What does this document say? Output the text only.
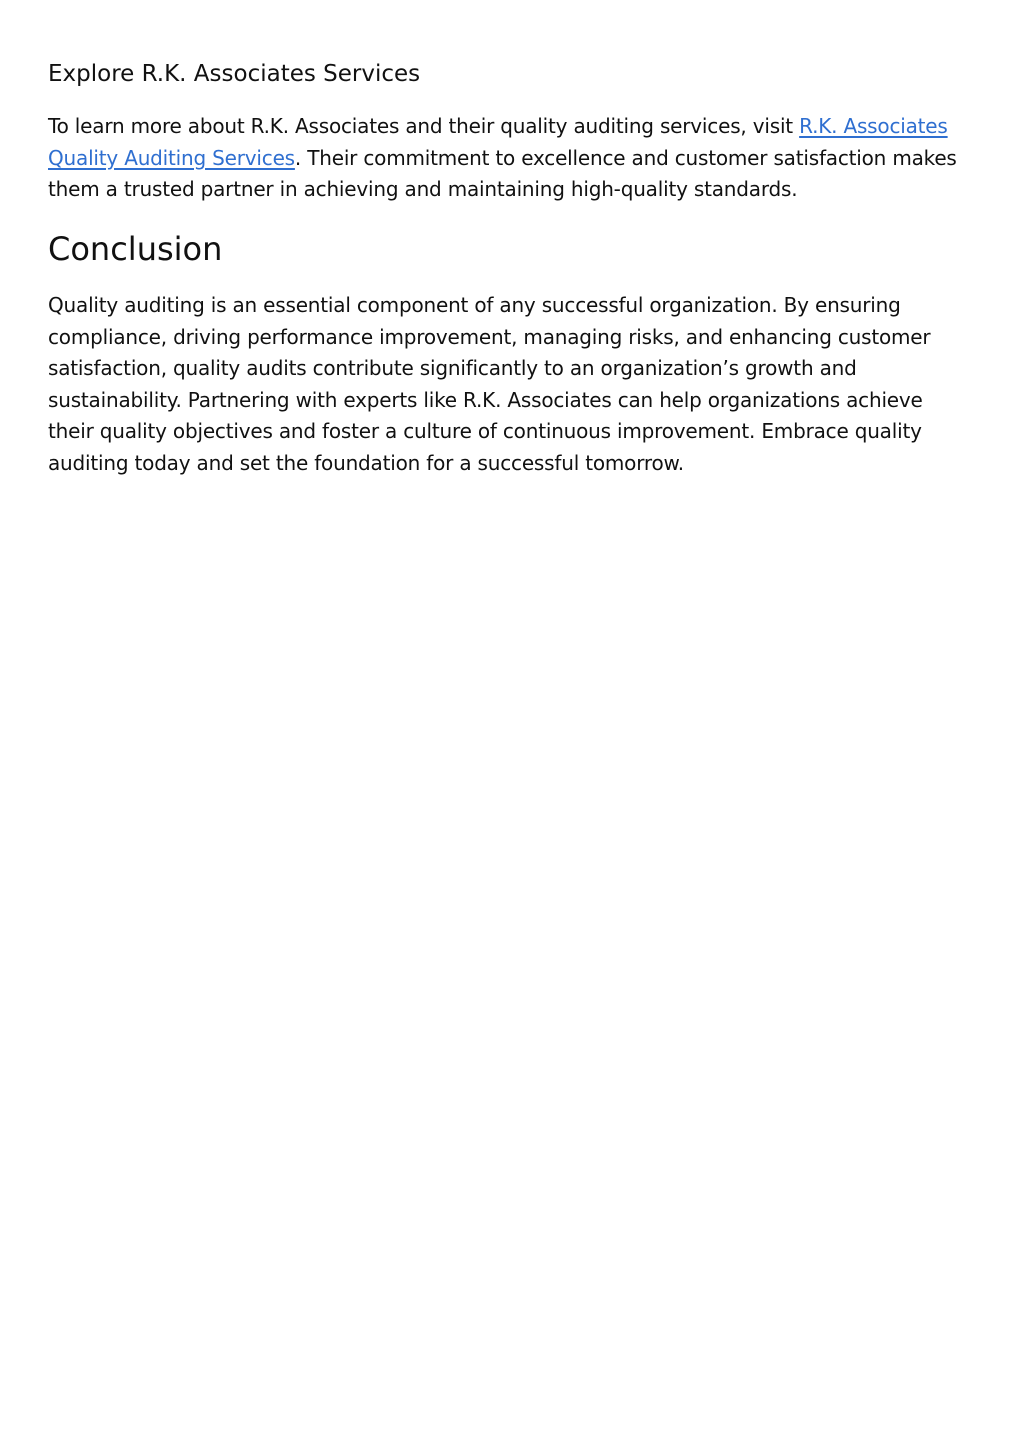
Explore R.K. Associates Services

To learn more about R.K. Associates and their quality auditing services, visit R.K. Associates
Quality Auditing Services. Their commitment to excellence and customer satisfaction makes
them a trusted partner in achieving and maintaining high-quality standards.

Conclusion

Quality auditing is an essential component of any successful organization. By ensuring
compliance, driving performance improvement, managing risks, and enhancing customer
satisfaction, quality audits contribute significantly to an organization’s growth and
sustainability. Partnering with experts like R.K. Associates can help organizations achieve
their quality objectives and foster a culture of continuous improvement. Embrace quality
auditing today and set the foundation for a successful tomorrow.
